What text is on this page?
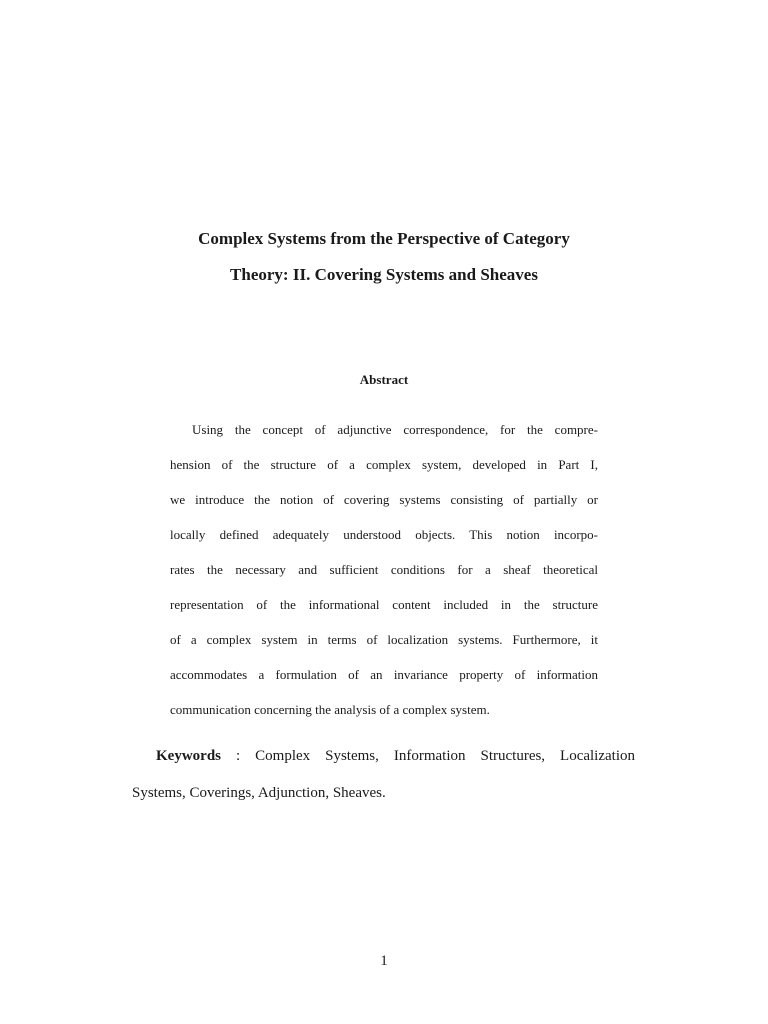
Complex Systems from the Perspective of Category
Theory: II. Covering Systems and Sheaves
Abstract
Using the concept of adjunctive correspondence, for the compre-
hension of the structure of a complex system, developed in Part I,
we introduce the notion of covering systems consisting of partially or
locally defined adequately understood objects. This notion incorpo-
rates the necessary and sufficient conditions for a sheaf theoretical
representation of the informational content included in the structure
of a complex system in terms of localization systems. Furthermore, it
accommodates a formulation of an invariance property of information
communication concerning the analysis of a complex system.
Keywords : Complex Systems, Information Structures, Localization
Systems, Coverings, Adjunction, Sheaves.
1
